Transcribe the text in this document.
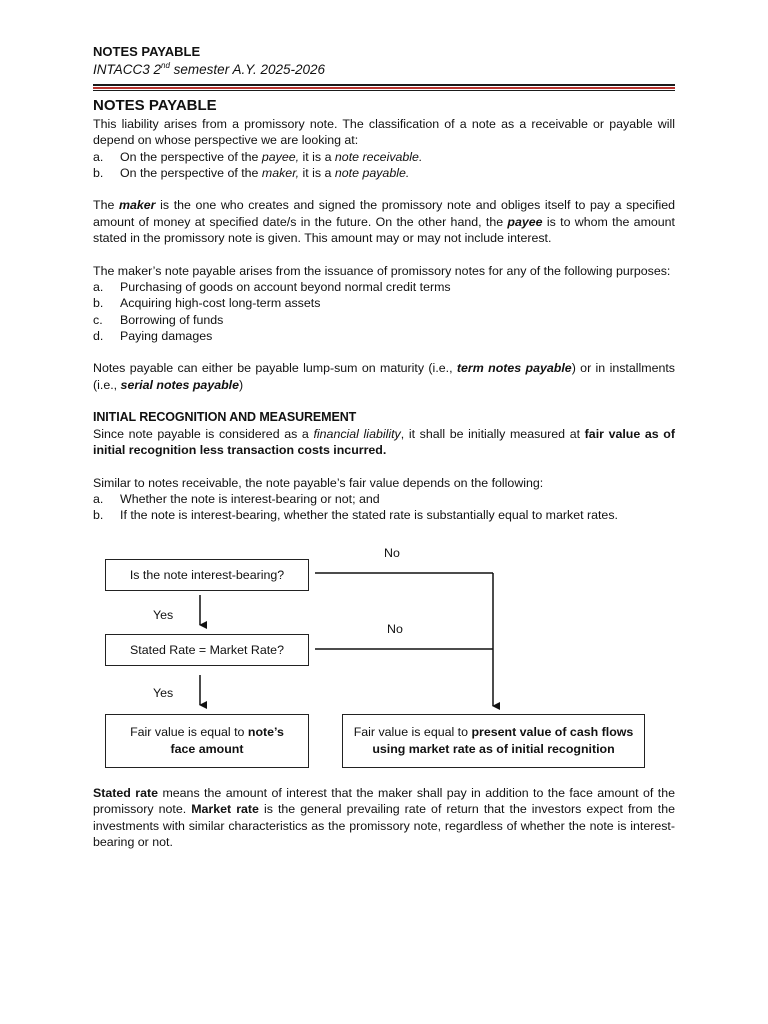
NOTES PAYABLE
INTACC3 2nd semester A.Y. 2025-2026
NOTES PAYABLE

This liability arises from a promissory note. The classification of a note as a receivable or payable will depend on whose perspective we are looking at:

a.	On the perspective of the payee, it is a note receivable.
b.	On the perspective of the maker, it is a note payable.

The maker is the one who creates and signed the promissory note and obliges itself to pay a specified amount of money at specified date/s in the future. On the other hand, the payee is to whom the amount stated in the promissory note is given. This amount may or may not include interest.

The maker’s note payable arises from the issuance of promissory notes for any of the following purposes:

a.	Purchasing of goods on account beyond normal credit terms
b.	Acquiring high-cost long-term assets
c.	Borrowing of funds
d.	Paying damages

Notes payable can either be payable lump-sum on maturity (i.e., term notes payable) or in installments (i.e., serial notes payable)

INITIAL RECOGNITION AND MEASUREMENT

Since note payable is considered as a financial liability, it shall be initially measured at fair value as of initial recognition less transaction costs incurred.

Similar to notes receivable, the note payable’s fair value depends on the following:

a.	Whether the note is interest-bearing or not; and
b.	If the note is interest-bearing, whether the stated rate is substantially equal to market rates.
Is the note interest-bearing?
Stated Rate = Market Rate?
No
No
Yes
Yes
Fair value is equal to note’s
face amount
Fair value is equal to present value of cash flows
using market rate as of initial recognition

Stated rate means the amount of interest that the maker shall pay in addition to the face amount of the promissory note. Market rate is the general prevailing rate of return that the investors expect from the investments with similar characteristics as the promissory note, regardless of whether the note is interest-bearing or not.
